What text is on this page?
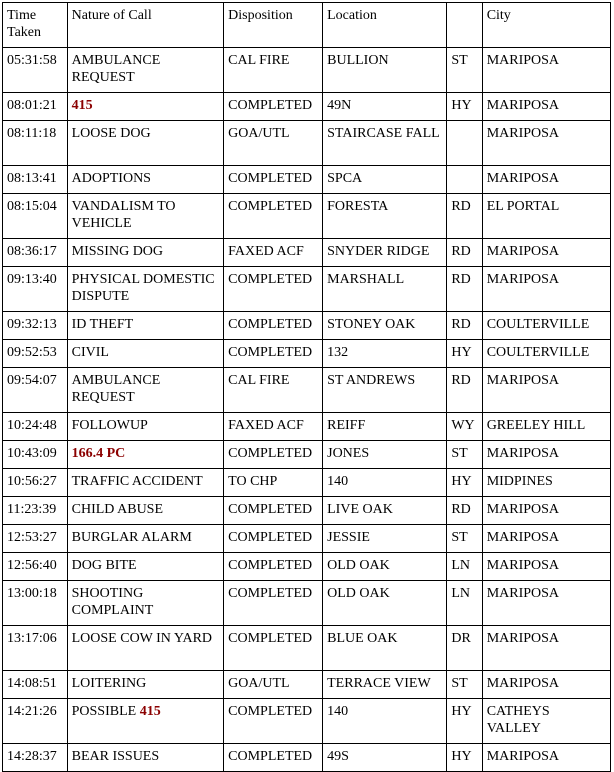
Time Taken	Nature of Call	Disposition	Location		City
05:31:58	AMBULANCE REQUEST	CAL FIRE	BULLION	ST	MARIPOSA
08:01:21	415	COMPLETED	49N	HY	MARIPOSA
08:11:18	LOOSE DOG	GOA/UTL	STAIRCASE FALL		MARIPOSA
08:13:41	ADOPTIONS	COMPLETED	SPCA		MARIPOSA
08:15:04	VANDALISM TO VEHICLE	COMPLETED	FORESTA	RD	EL PORTAL
08:36:17	MISSING DOG	FAXED ACF	SNYDER RIDGE	RD	MARIPOSA
09:13:40	PHYSICAL DOMESTIC DISPUTE	COMPLETED	MARSHALL	RD	MARIPOSA
09:32:13	ID THEFT	COMPLETED	STONEY OAK	RD	COULTERVILLE
09:52:53	CIVIL	COMPLETED	132	HY	COULTERVILLE
09:54:07	AMBULANCE REQUEST	CAL FIRE	ST ANDREWS	RD	MARIPOSA
10:24:48	FOLLOWUP	FAXED ACF	REIFF	WY	GREELEY HILL
10:43:09	166.4 PC	COMPLETED	JONES	ST	MARIPOSA
10:56:27	TRAFFIC ACCIDENT	TO CHP	140	HY	MIDPINES
11:23:39	CHILD ABUSE	COMPLETED	LIVE OAK	RD	MARIPOSA
12:53:27	BURGLAR ALARM	COMPLETED	JESSIE	ST	MARIPOSA
12:56:40	DOG BITE	COMPLETED	OLD OAK	LN	MARIPOSA
13:00:18	SHOOTING COMPLAINT	COMPLETED	OLD OAK	LN	MARIPOSA
13:17:06	LOOSE COW IN YARD	COMPLETED	BLUE OAK	DR	MARIPOSA
14:08:51	LOITERING	GOA/UTL	TERRACE VIEW	ST	MARIPOSA
14:21:26	POSSIBLE 415	COMPLETED	140	HY	CATHEYS VALLEY
14:28:37	BEAR ISSUES	COMPLETED	49S	HY	MARIPOSA
